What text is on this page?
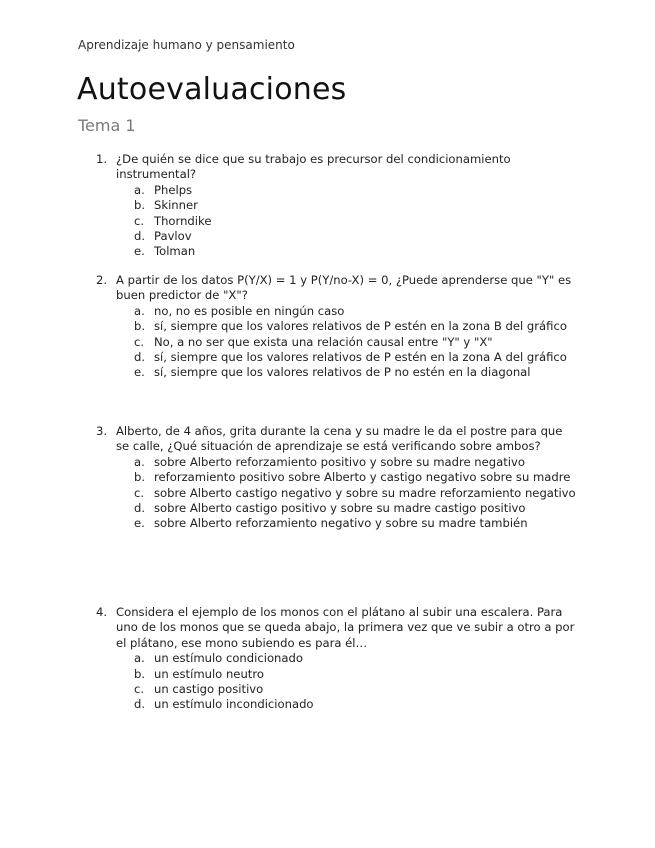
Aprendizaje humano y pensamiento
Autoevaluaciones
Tema 1
1. ¿De quién se dice que su trabajo es precursor del condicionamiento instrumental?
a. Phelps
b. Skinner
c. Thorndike
d. Pavlov
e. Tolman
2. A partir de los datos P(Y/X) = 1 y P(Y/no-X) = 0, ¿Puede aprenderse que "Y" es buen predictor de "X"?
a. no, no es posible en ningún caso
b. sí, siempre que los valores relativos de P estén en la zona B del gráfico
c. No, a no ser que exista una relación causal entre "Y" y "X"
d. sí, siempre que los valores relativos de P estén en la zona A del gráfico
e. sí, siempre que los valores relativos de P no estén en la diagonal
3. Alberto, de 4 años, grita durante la cena y su madre le da el postre para que se calle, ¿Qué situación de aprendizaje se está verificando sobre ambos?
a. sobre Alberto reforzamiento positivo y sobre su madre negativo
b. reforzamiento positivo sobre Alberto y castigo negativo sobre su madre
c. sobre Alberto castigo negativo y sobre su madre reforzamiento negativo
d. sobre Alberto castigo positivo y sobre su madre castigo positivo
e. sobre Alberto reforzamiento negativo y sobre su madre también
4. Considera el ejemplo de los monos con el plátano al subir una escalera. Para uno de los monos que se queda abajo, la primera vez que ve subir a otro a por el plátano, ese mono subiendo es para él…
a. un estímulo condicionado
b. un estímulo neutro
c. un castigo positivo
d. un estímulo incondicionado
